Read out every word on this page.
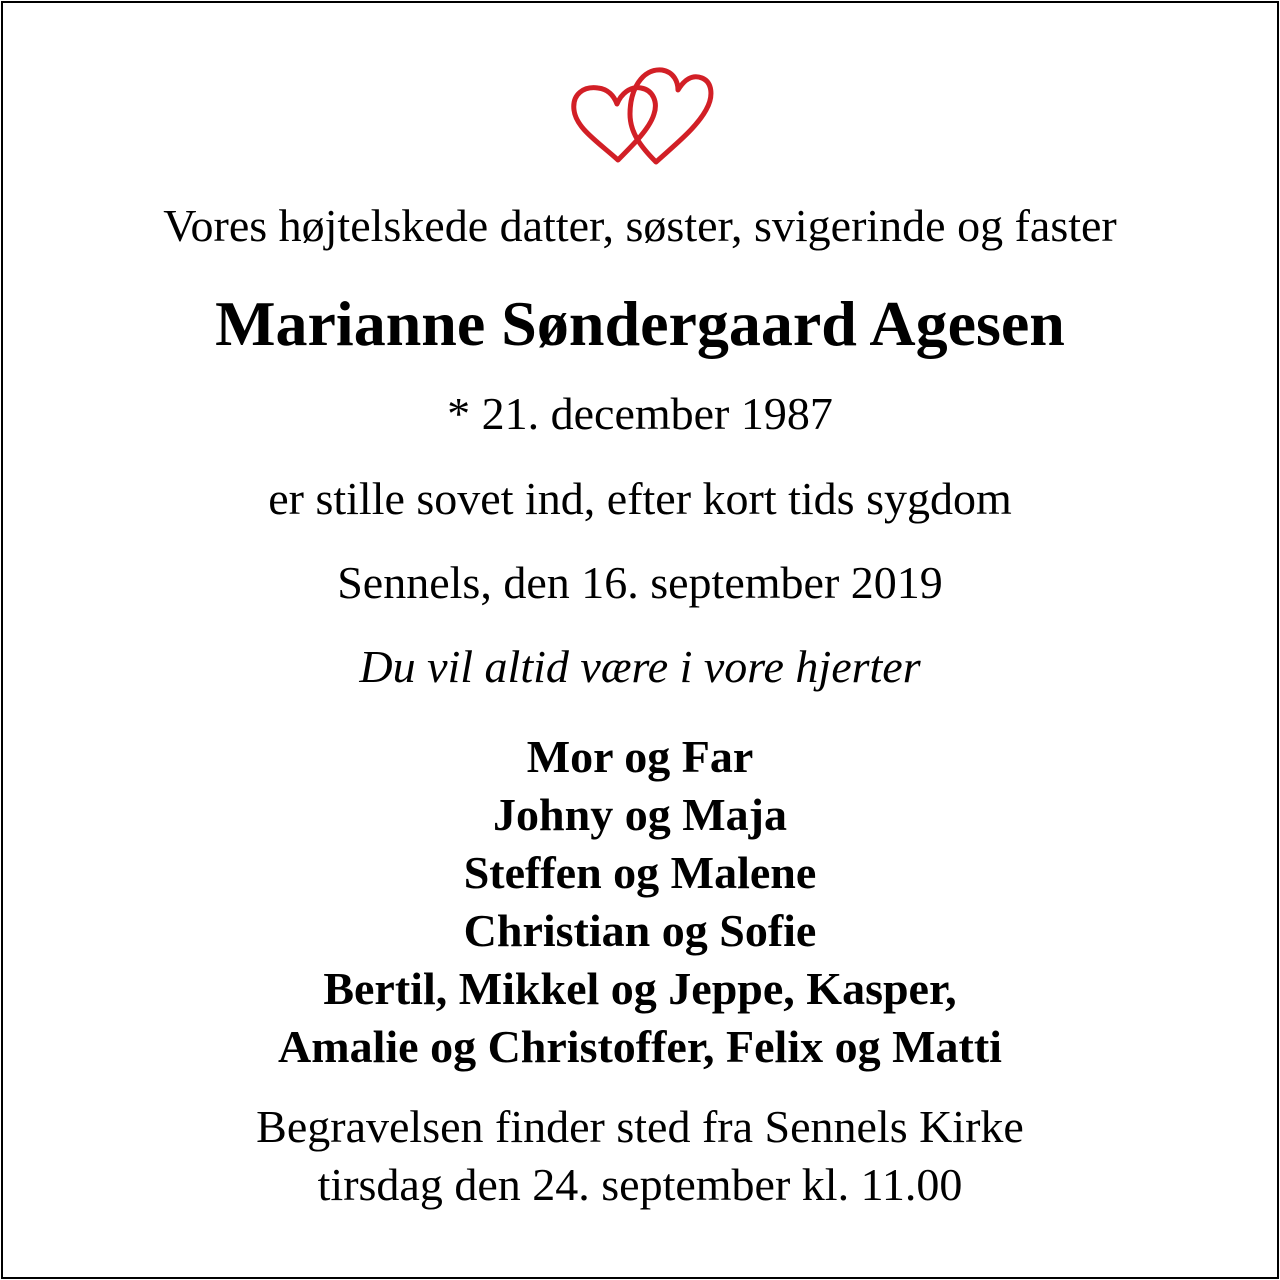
Vores højtelskede datter, søster, svigerinde og faster
Marianne Søndergaard Agesen
* 21. december 1987
er stille sovet ind, efter kort tids sygdom
Sennels, den 16. september 2019
Du vil altid være i vore hjerter
Mor og Far
Johny og Maja
Steffen og Malene
Christian og Sofie
Bertil, Mikkel og Jeppe, Kasper,
Amalie og Christoffer, Felix og Matti
Begravelsen finder sted fra Sennels Kirke
tirsdag den 24. september kl. 11.00
